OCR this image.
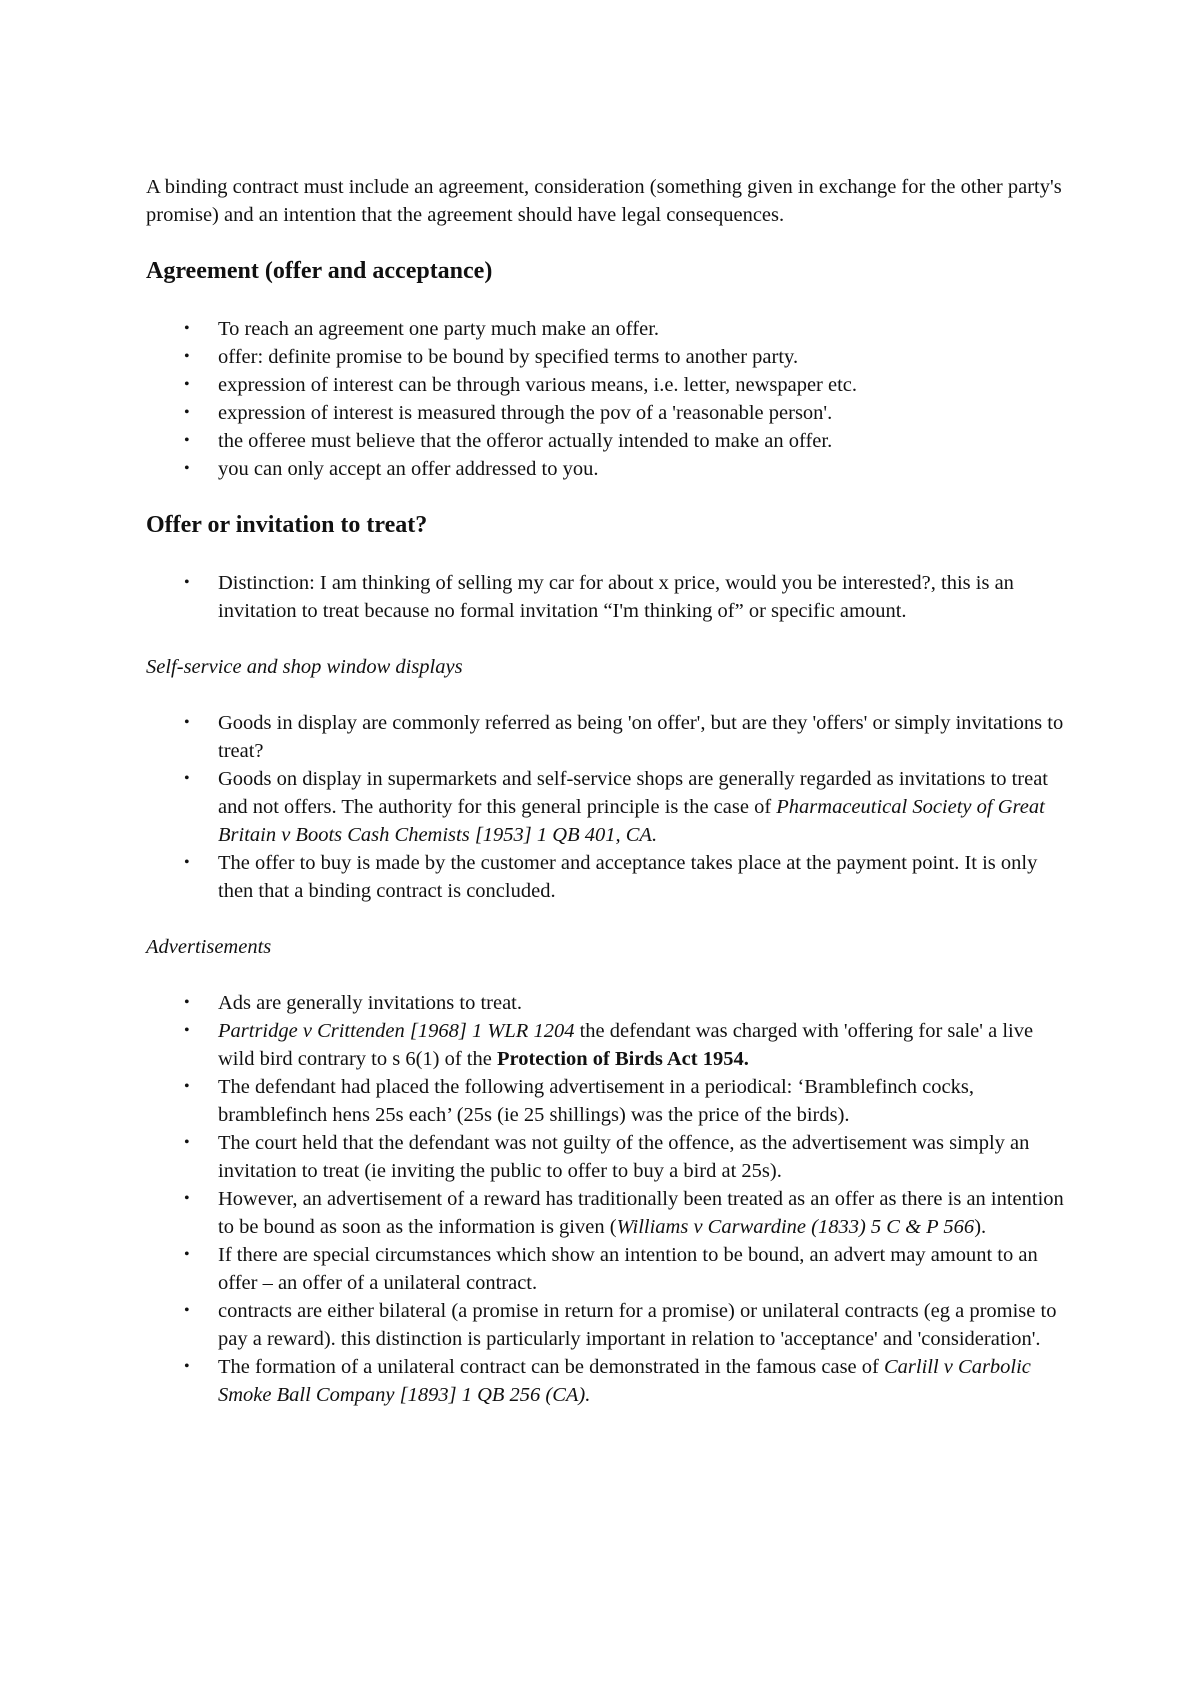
A binding contract must include an agreement, consideration (something given in exchange for the other party's promise) and an intention that the agreement should have legal consequences.

Agreement (offer and acceptance)
• To reach an agreement one party much make an offer.
• offer: definite promise to be bound by specified terms to another party.
• expression of interest can be through various means, i.e. letter, newspaper etc.
• expression of interest is measured through the pov of a 'reasonable person'.
• the offeree must believe that the offeror actually intended to make an offer.
• you can only accept an offer addressed to you.
Offer or invitation to treat?
• Distinction: I am thinking of selling my car for about x price, would you be interested?, this is an invitation to treat because no formal invitation “I'm thinking of” or specific amount.

Self-service and shop window displays

• Goods in display are commonly referred as being 'on offer', but are they 'offers' or simply invitations to treat?
• Goods on display in supermarkets and self-service shops are generally regarded as invitations to treat and not offers. The authority for this general principle is the case of Pharmaceutical Society of Great Britain v Boots Cash Chemists [1953] 1 QB 401, CA.
• The offer to buy is made by the customer and acceptance takes place at the payment point. It is only then that a binding contract is concluded.

Advertisements

• Ads are generally invitations to treat.
• Partridge v Crittenden [1968] 1 WLR 1204 the defendant was charged with 'offering for sale' a live wild bird contrary to s 6(1) of the Protection of Birds Act 1954.
• The defendant had placed the following advertisement in a periodical: ‘Bramblefinch cocks, bramblefinch hens 25s each’ (25s (ie 25 shillings) was the price of the birds).
• The court held that the defendant was not guilty of the offence, as the advertisement was simply an invitation to treat (ie inviting the public to offer to buy a bird at 25s).
• However, an advertisement of a reward has traditionally been treated as an offer as there is an intention to be bound as soon as the information is given (Williams v Carwardine (1833) 5 C & P 566).
• If there are special circumstances which show an intention to be bound, an advert may amount to an offer – an offer of a unilateral contract.
• contracts are either bilateral (a promise in return for a promise) or unilateral contracts (eg a promise to pay a reward). this distinction is particularly important in relation to 'acceptance' and 'consideration'.
• The formation of a unilateral contract can be demonstrated in the famous case of Carlill v Carbolic Smoke Ball Company [1893] 1 QB 256 (CA).
